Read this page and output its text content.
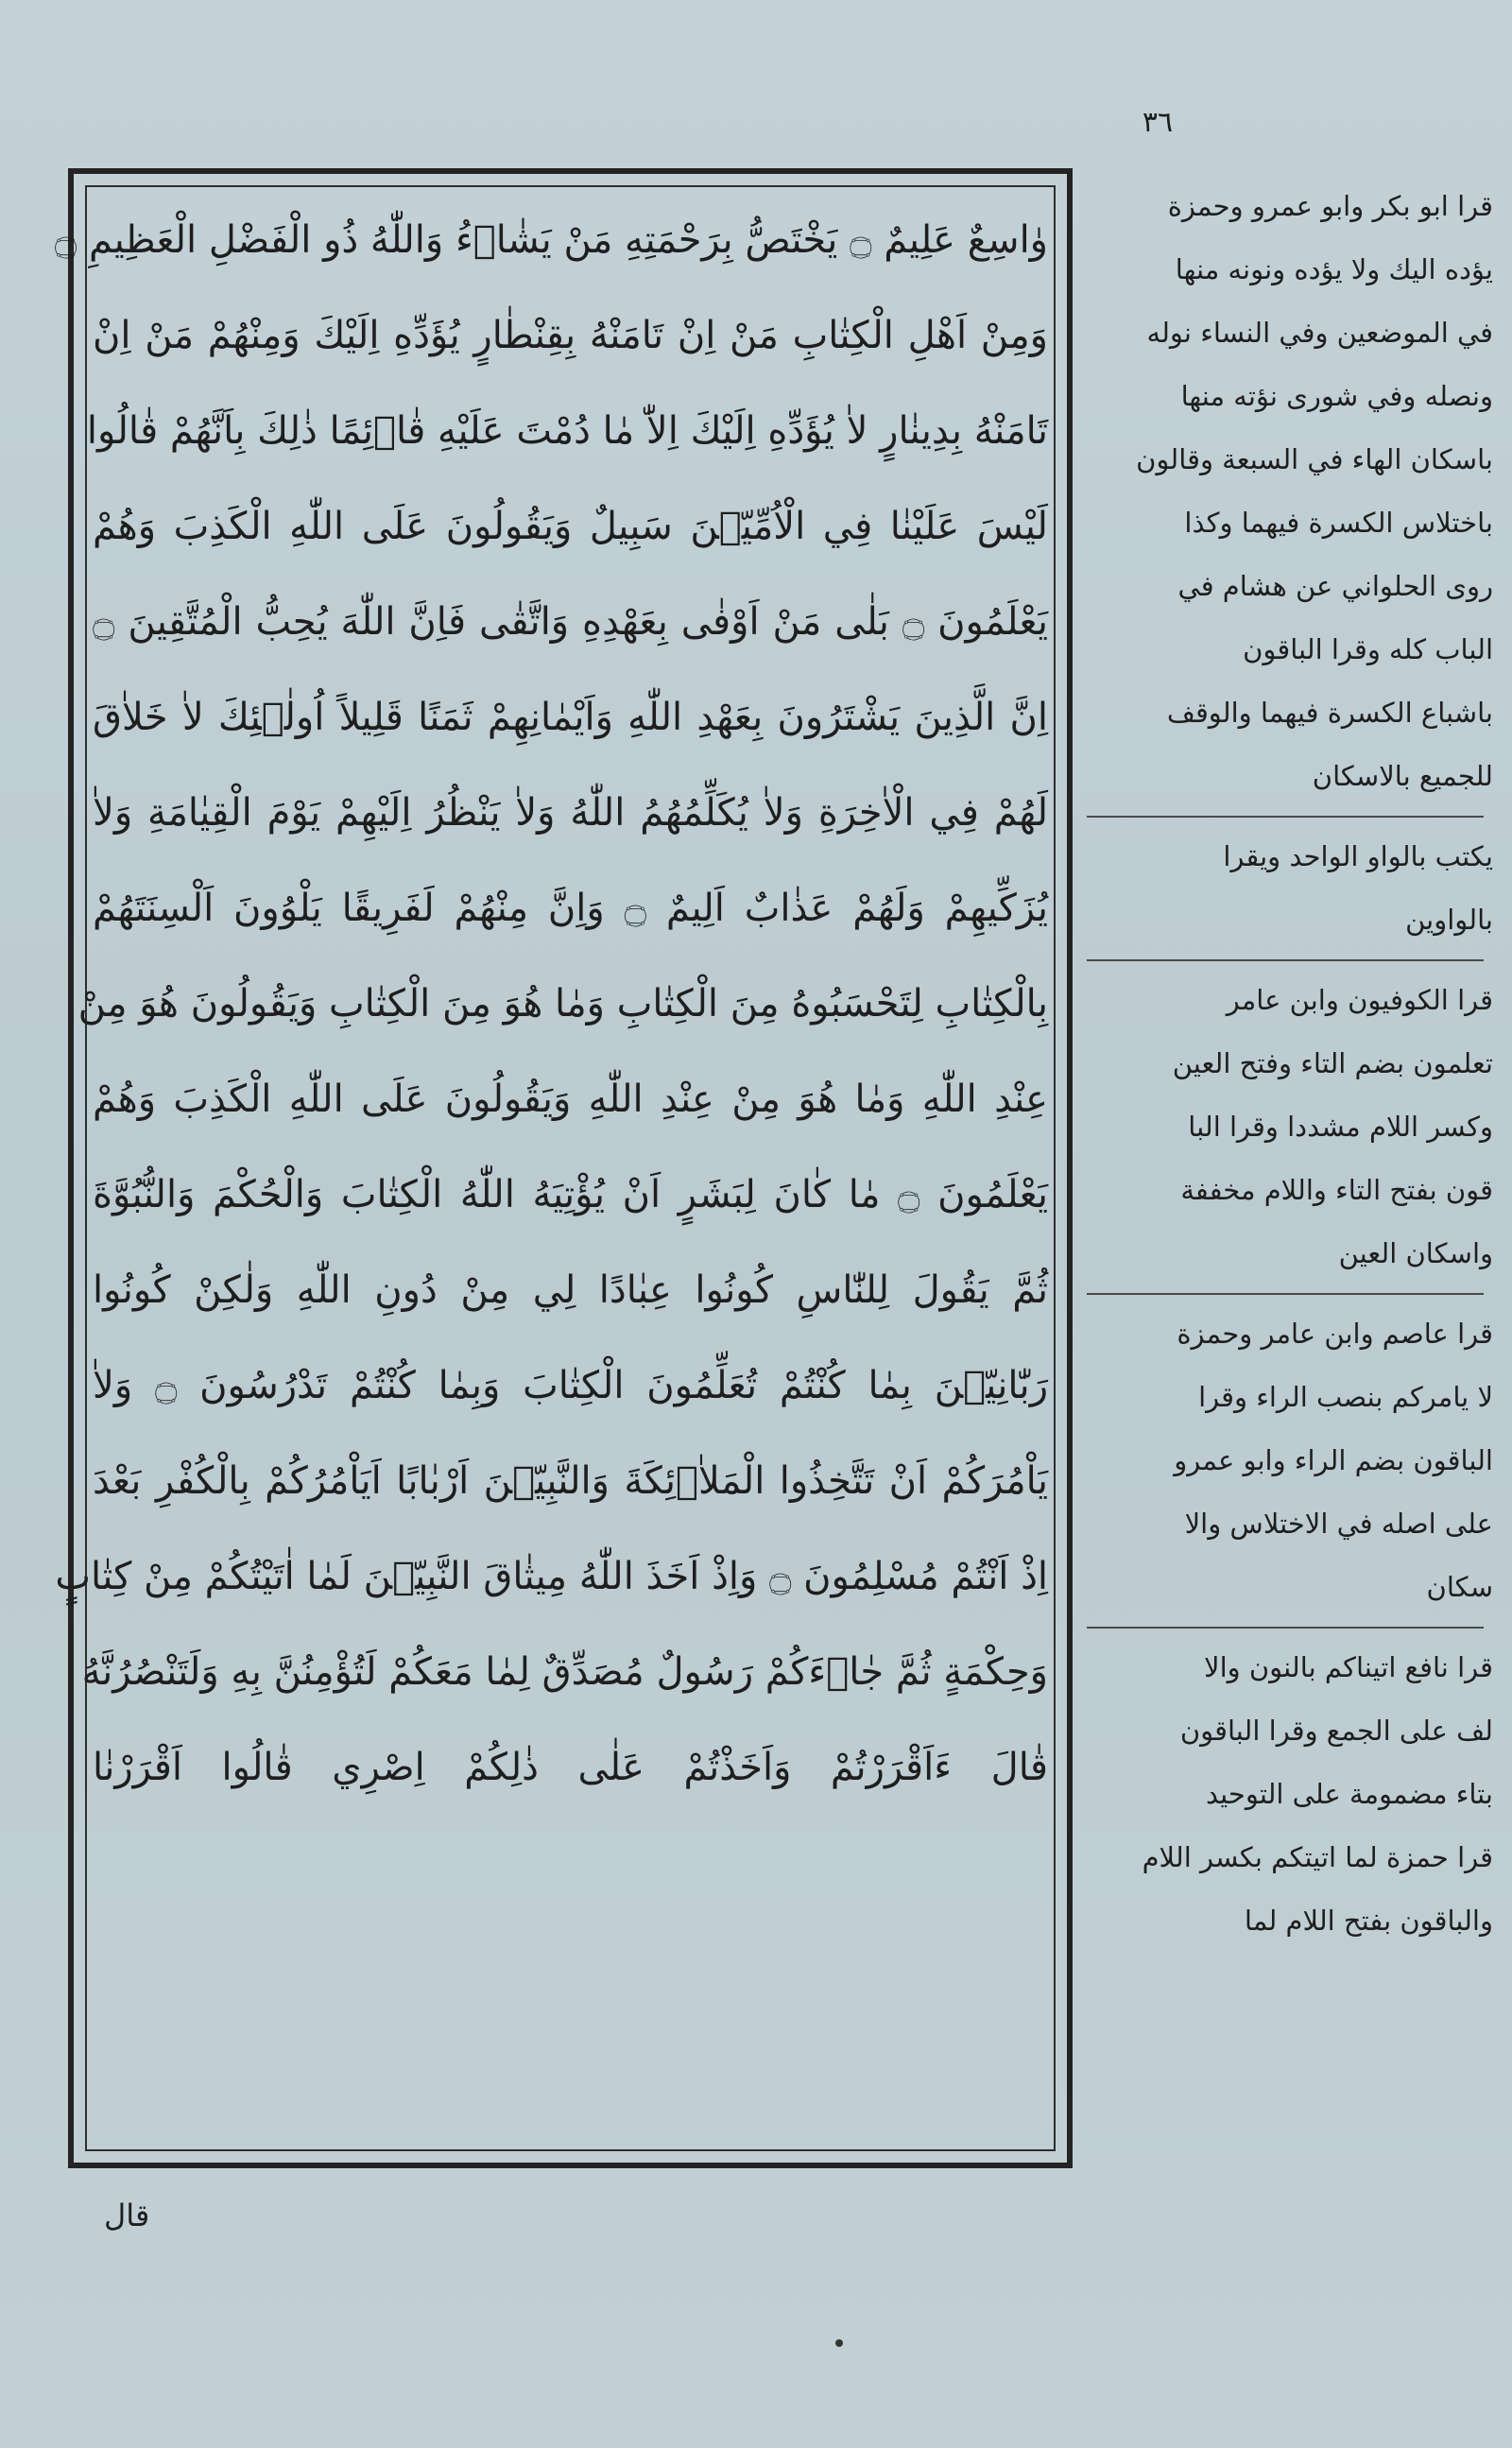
٣٦
وٰاسِعٌ عَلِيمٌ ۝ يَخْتَصُّ بِرَحْمَتِهِ مَنْ يَشٰاۤءُ وَاللّٰهُ ذُو الْفَضْلِ الْعَظِيمِ ۝
وَمِنْ اَهْلِ الْكِتٰابِ مَنْ اِنْ تَامَنْهُ بِقِنْطٰارٍ يُؤَدِّهِ اِلَيْكَ وَمِنْهُمْ مَنْ اِنْ
تَامَنْهُ بِدِينٰارٍ لاٰ يُؤَدِّهِ اِلَيْكَ اِلاّٰ مٰا دُمْتَ عَلَيْهِ قٰاۤئِمًا ذٰلِكَ بِاَنَّهُمْ قٰالُوا
لَيْسَ عَلَيْنٰا فِي الْاُمِّيّٖنَ سَبِيلٌ وَيَقُولُونَ عَلَى اللّٰهِ الْكَذِبَ وَهُمْ
يَعْلَمُونَ ۝ بَلٰى مَنْ اَوْفٰى بِعَهْدِهِ وَاتَّقٰى فَاِنَّ اللّٰهَ يُحِبُّ الْمُتَّقِينَ ۝
اِنَّ الَّذِينَ يَشْتَرُونَ بِعَهْدِ اللّٰهِ وَاَيْمٰانِهِمْ ثَمَنًا قَلِيلاً اُولٰۤئِكَ لاٰ خَلاٰقَ
لَهُمْ فِي الْاٰخِرَةِ وَلاٰ يُكَلِّمُهُمُ اللّٰهُ وَلاٰ يَنْظُرُ اِلَيْهِمْ يَوْمَ الْقِيٰامَةِ وَلاٰ
يُزَكِّيهِمْ وَلَهُمْ عَذٰابٌ اَلِيمٌ ۝ وَاِنَّ مِنْهُمْ لَفَرِيقًا يَلْوُونَ اَلْسِنَتَهُمْ
بِالْكِتٰابِ لِتَحْسَبُوهُ مِنَ الْكِتٰابِ وَمٰا هُوَ مِنَ الْكِتٰابِ وَيَقُولُونَ هُوَ مِنْ
عِنْدِ اللّٰهِ وَمٰا هُوَ مِنْ عِنْدِ اللّٰهِ وَيَقُولُونَ عَلَى اللّٰهِ الْكَذِبَ وَهُمْ
يَعْلَمُونَ ۝ مٰا كٰانَ لِبَشَرٍ اَنْ يُؤْتِيَهُ اللّٰهُ الْكِتٰابَ وَالْحُكْمَ وَالنُّبُوَّةَ
ثُمَّ يَقُولَ لِلنّٰاسِ كُونُوا عِبٰادًا لِي مِنْ دُونِ اللّٰهِ وَلٰكِنْ كُونُوا
رَبّٰانِيّٖنَ بِمٰا كُنْتُمْ تُعَلِّمُونَ الْكِتٰابَ وَبِمٰا كُنْتُمْ تَدْرُسُونَ ۝ وَلاٰ
يَاْمُرَكُمْ اَنْ تَتَّخِذُوا الْمَلاٰۤئِكَةَ وَالنَّبِيّٖنَ اَرْبٰابًا اَيَاْمُرُكُمْ بِالْكُفْرِ بَعْدَ
اِذْ اَنْتُمْ مُسْلِمُونَ ۝ وَاِذْ اَخَذَ اللّٰهُ مِيثٰاقَ النَّبِيّٖنَ لَمٰا اٰتَيْتُكُمْ مِنْ كِتٰابٍ
وَحِكْمَةٍ ثُمَّ جٰاۤءَكُمْ رَسُولٌ مُصَدِّقٌ لِمٰا مَعَكُمْ لَتُؤْمِنُنَّ بِهِ وَلَتَنْصُرُنَّهُ
قٰالَ ءَاَقْرَرْتُمْ وَاَخَذْتُمْ عَلٰى ذٰلِكُمْ اِصْرِي قٰالُوا اَقْرَرْنٰا
قرا ابو بكر وابو عمرو وحمزة
يؤده اليك ولا يؤده ونونه منها
في الموضعين وفي النساء نوله
ونصله وفي شورى نؤته منها
باسكان الهاء في السبعة وقالون
باختلاس الكسرة فيهما وكذا
روى الحلواني عن هشام في
الباب كله وقرا الباقون
باشباع الكسرة فيهما والوقف
للجميع بالاسكان
يكتب بالواو الواحد ويقرا
بالواوين
قرا الكوفيون وابن عامر
تعلمون بضم التاء وفتح العين
وكسر اللام مشددا وقرا البا
قون بفتح التاء واللام مخففة
واسكان العين
قرا عاصم وابن عامر وحمزة
لا يامركم بنصب الراء وقرا
الباقون بضم الراء وابو عمرو
على اصله في الاختلاس والا
سكان
قرا نافع اتيناكم بالنون والا
لف على الجمع وقرا الباقون
بتاء مضمومة على التوحيد
قرا حمزة لما اتيتكم بكسر اللام
والباقون بفتح اللام لما
قال
